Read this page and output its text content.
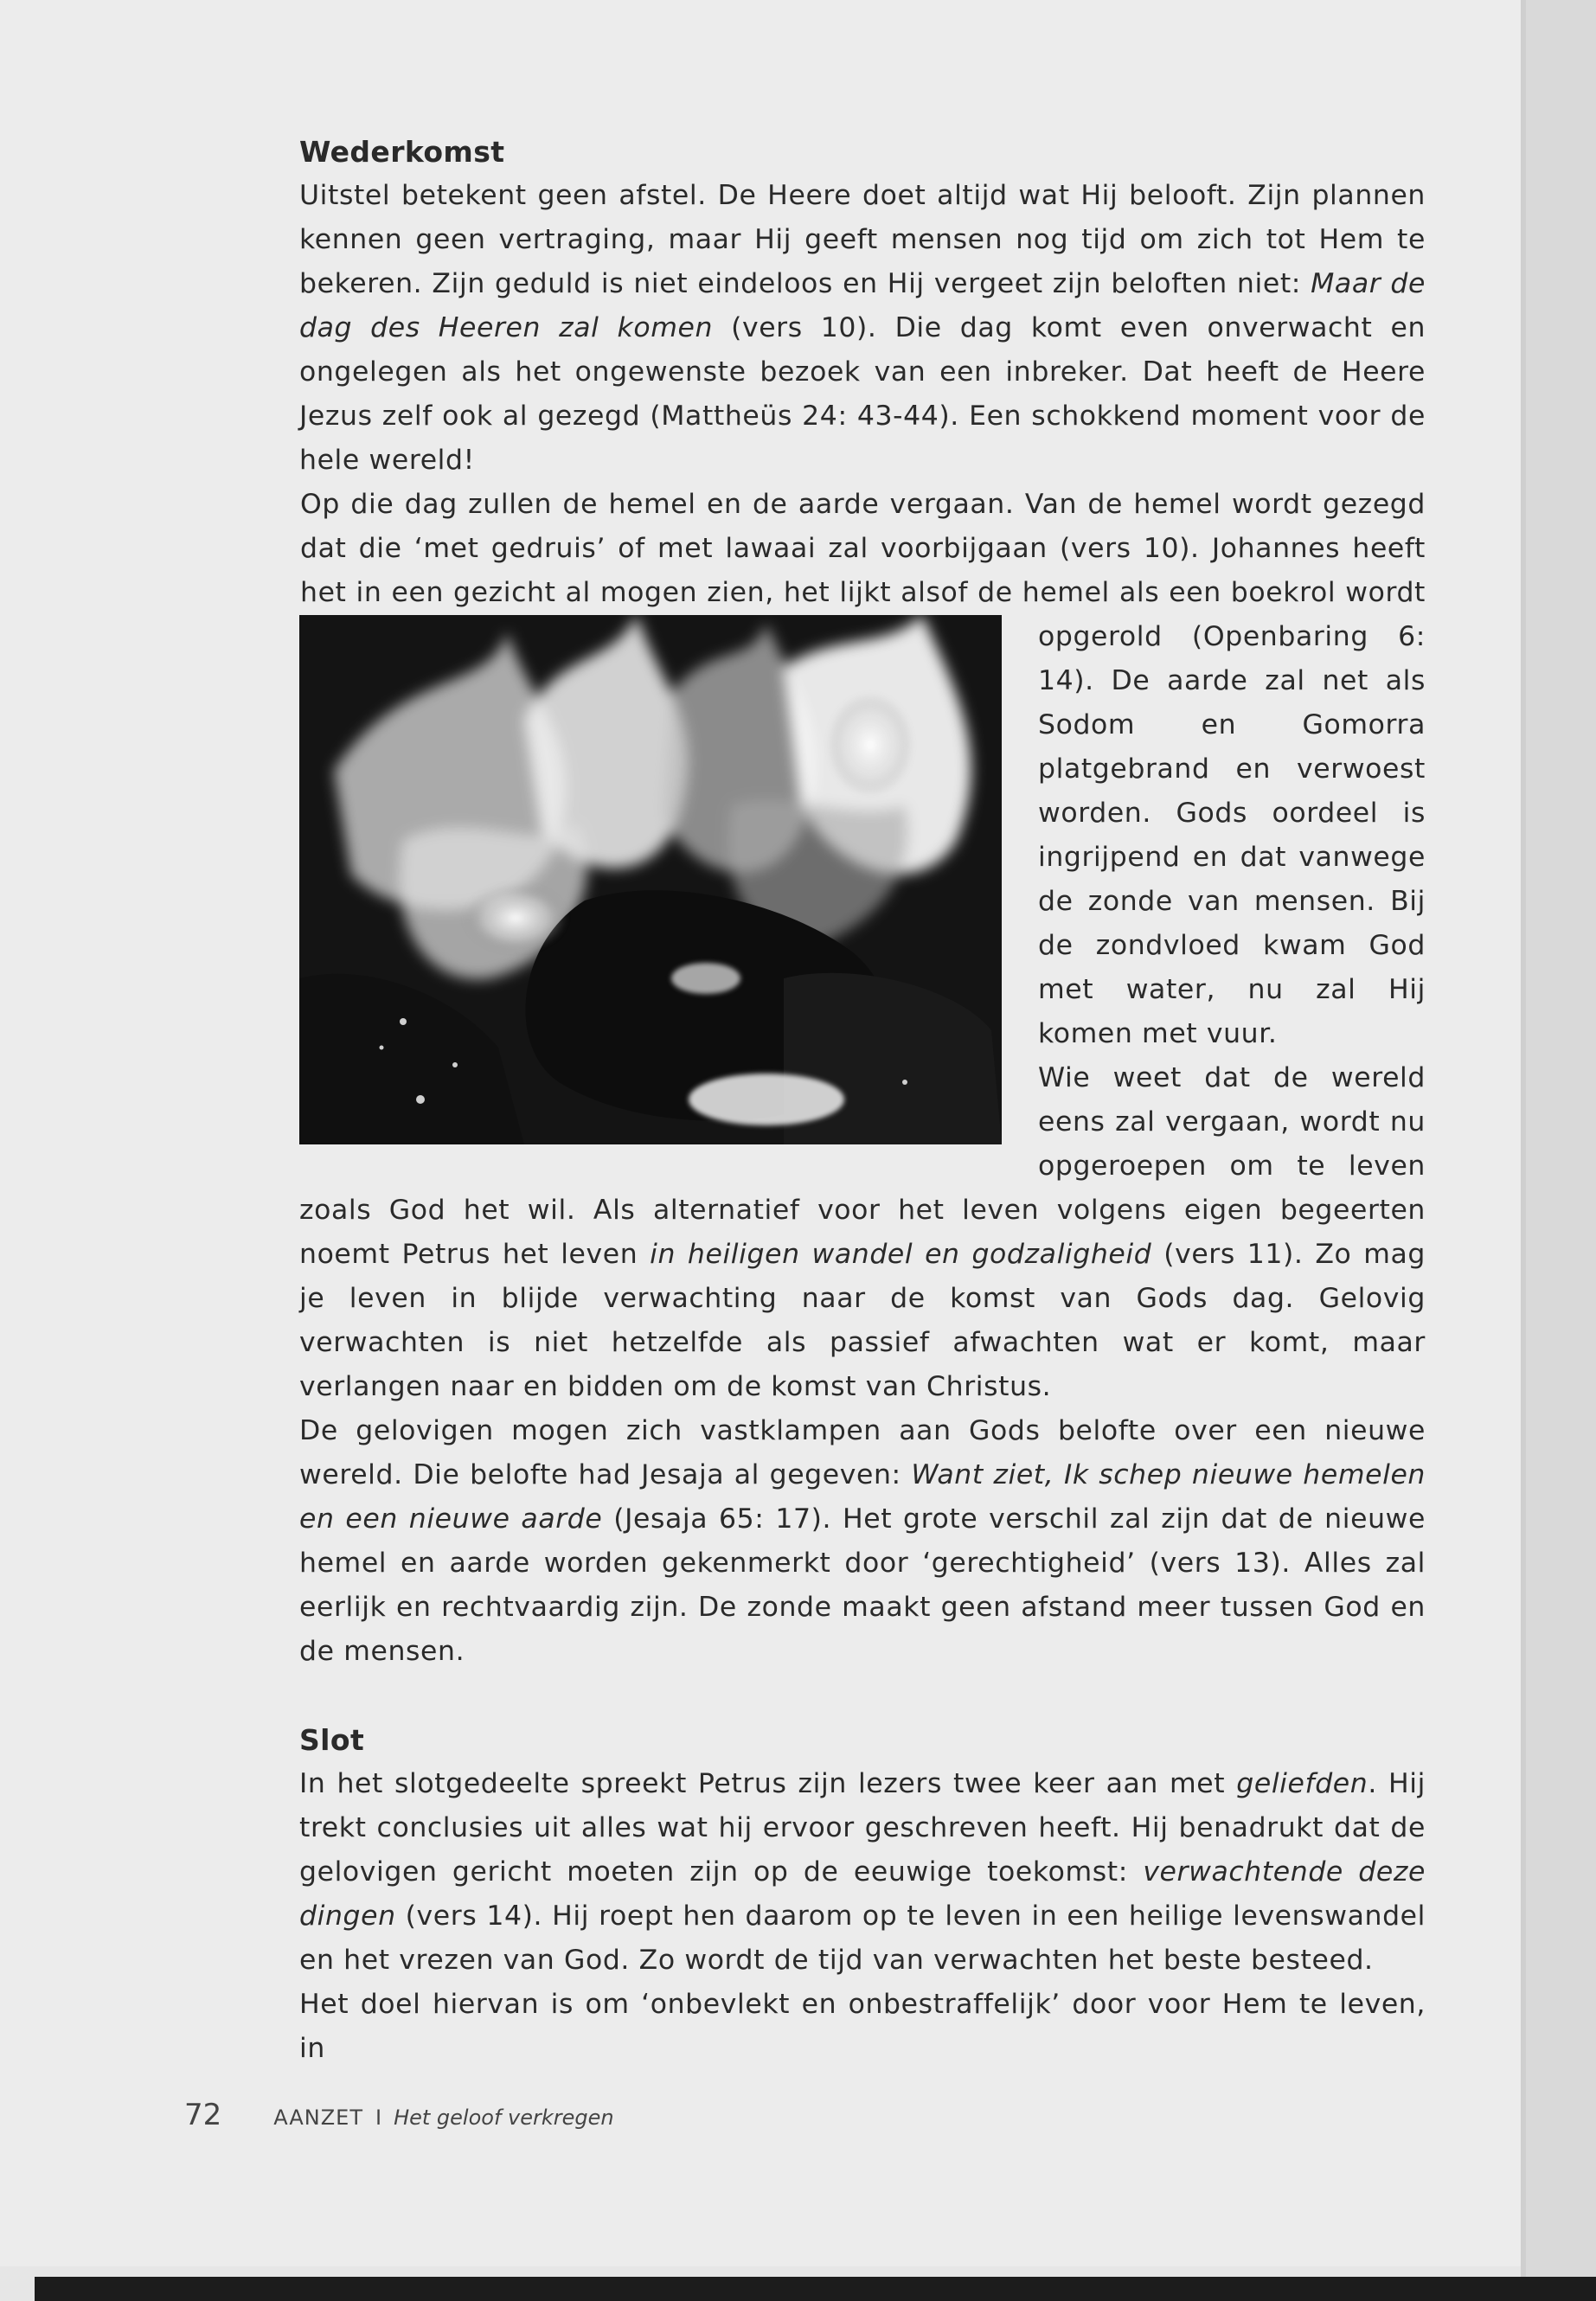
Wederkomst

Uitstel betekent geen afstel. De Heere doet altijd wat Hij belooft. Zijn plannen kennen geen vertraging, maar Hij geeft mensen nog tijd om zich tot Hem te bekeren. Zijn geduld is niet eindeloos en Hij vergeet zijn beloften niet: Maar de dag des Heeren zal komen (vers 10). Die dag komt even onverwacht en ongelegen als het ongewenste bezoek van een inbreker. Dat heeft de Heere Jezus zelf ook al gezegd (Mattheüs 24: 43-44). Een schokkend moment voor de hele wereld!

Op die dag zullen de hemel en de aarde vergaan. Van de hemel wordt gezegd dat die ‘met gedruis’ of met lawaai zal voorbijgaan (vers 10). Johannes heeft het in een gezicht al mogen zien, het lijkt alsof de hemel als een boekrol wordt opgerold (Openbaring 6: 14). De aarde zal net als Sodom en Gomorra platgebrand en verwoest worden. Gods oordeel is ingrijpend en dat vanwege de zonde van mensen. Bij de zondvloed kwam God met water, nu zal Hij komen met vuur.

Wie weet dat de wereld eens zal vergaan, wordt nu opgeroepen om te leven zoals God het wil. Als alternatief voor het leven volgens eigen begeerten noemt Petrus het leven in heiligen wandel en godzaligheid (vers 11). Zo mag je leven in blijde verwachting naar de komst van Gods dag. Gelovig verwachten is niet hetzelfde als passief afwachten wat er komt, maar verlangen naar en bidden om de komst van Christus.

De gelovigen mogen zich vastklampen aan Gods belofte over een nieuwe wereld. Die belofte had Jesaja al gegeven: Want ziet, Ik schep nieuwe hemelen en een nieuwe aarde (Jesaja 65: 17). Het grote verschil zal zijn dat de nieuwe hemel en aarde worden gekenmerkt door ‘gerechtigheid’ (vers 13). Alles zal eerlijk en rechtvaardig zijn. De zonde maakt geen afstand meer tussen God en de mensen.

Slot

In het slotgedeelte spreekt Petrus zijn lezers twee keer aan met geliefden. Hij trekt conclusies uit alles wat hij ervoor geschreven heeft. Hij benadrukt dat de gelovigen gericht moeten zijn op de eeuwige toekomst: verwachtende deze dingen (vers 14). Hij roept hen daarom op te leven in een heilige levenswandel en het vrezen van God. Zo wordt de tijd van verwachten het beste besteed.

Het doel hiervan is om ‘onbevlekt en onbestraffelijk’ door voor Hem te leven, in

72	AANZET I Het geloof verkregen
